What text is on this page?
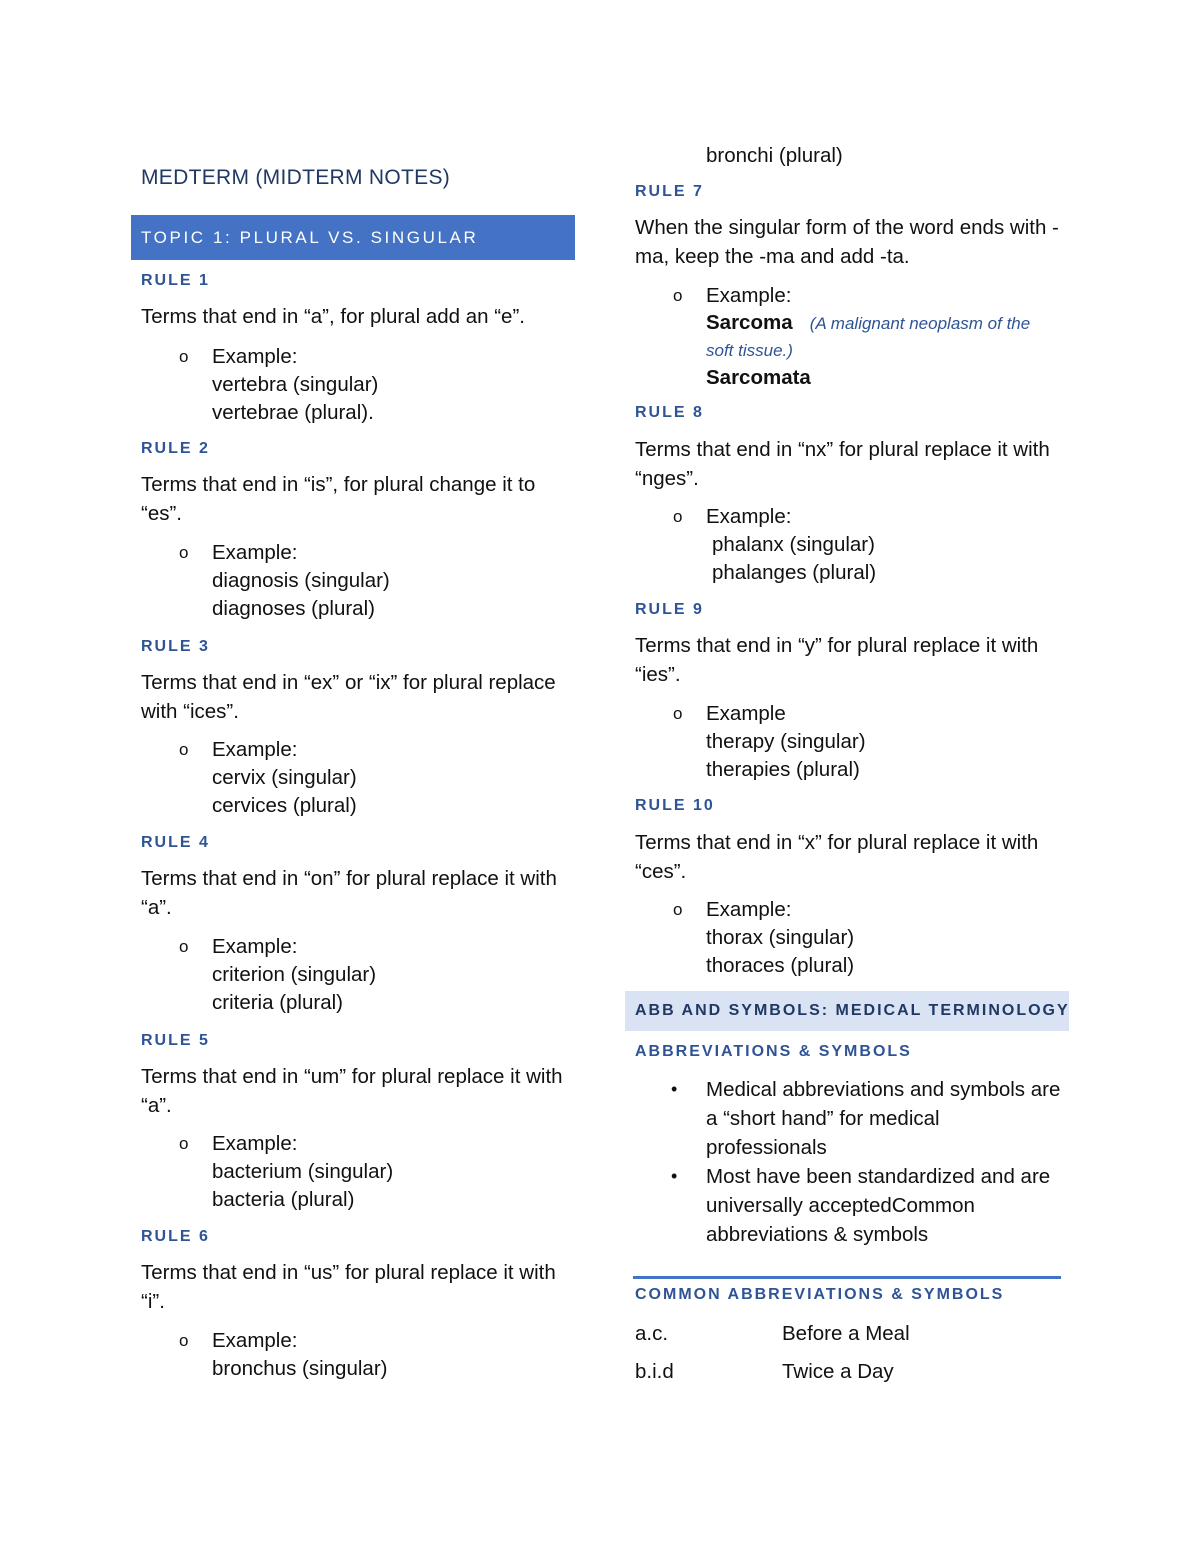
MEDTERM (MIDTERM NOTES)
TOPIC 1: PLURAL VS. SINGULAR
RULE 1
Terms that end in “a”, for plural add an “e”.
o Example:
vertebra (singular)
vertebrae (plural).
RULE 2
Terms that end in “is”, for plural change it to “es”.
o Example:
diagnosis (singular)
diagnoses (plural)
RULE 3
Terms that end in “ex” or “ix” for plural replace with “ices”.
o Example:
cervix (singular)
cervices (plural)
RULE 4
Terms that end in “on” for plural replace it with “a”.
o Example:
criterion (singular)
criteria (plural)
RULE 5
Terms that end in “um” for plural replace it with “a”.
o Example:
bacterium (singular)
bacteria (plural)
RULE 6
Terms that end in “us” for plural replace it with “i”.
o Example:
bronchus (singular)
bronchi (plural)
RULE 7
When the singular form of the word ends with -ma, keep the -ma and add -ta.
o Example:
Sarcoma (A malignant neoplasm of the soft tissue.)
Sarcomata
RULE 8
Terms that end in “nx” for plural replace it with “nges”.
o Example:
phalanx (singular)
phalanges (plural)
RULE 9
Terms that end in “y” for plural replace it with “ies”.
o Example
therapy (singular)
therapies (plural)
RULE 10
Terms that end in “x” for plural replace it with “ces”.
o Example:
thorax (singular)
thoraces (plural)
ABB AND SYMBOLS: MEDICAL TERMINOLOGY
ABBREVIATIONS & SYMBOLS
• Medical abbreviations and symbols are a “short hand” for medical professionals
• Most have been standardized and are universally acceptedCommon abbreviations & symbols
COMMON ABBREVIATIONS & SYMBOLS
a.c.	Before a Meal
b.i.d	Twice a Day
